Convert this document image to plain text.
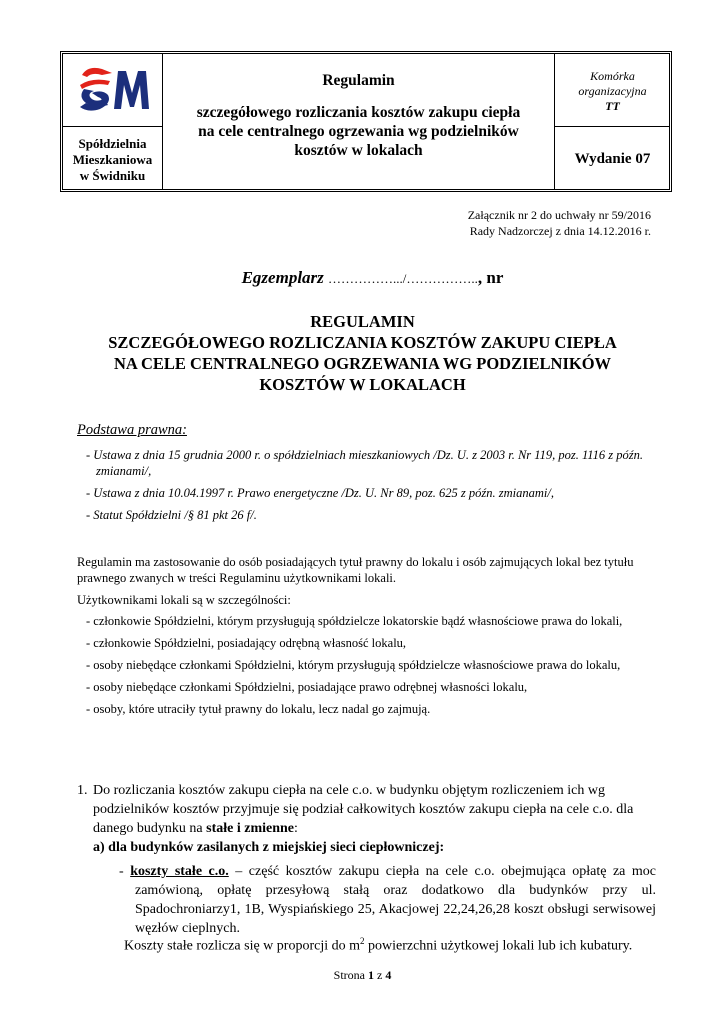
Spółdzielnia
Mieszkaniowa
w Świdniku
Regulamin
szczegółowego rozliczania kosztów zakupu ciepła
na cele centralnego ogrzewania wg podzielników
kosztów w lokalach
Komórka
organizacyjna
TT
Wydanie 07
Załącznik nr 2 do uchwały nr 59/2016
Rady Nadzorczej z dnia 14.12.2016 r.
Egzemplarz …………….../…………….., nr
REGULAMIN
SZCZEGÓŁOWEGO ROZLICZANIA KOSZTÓW ZAKUPU CIEPŁA
NA CELE CENTRALNEGO OGRZEWANIA WG PODZIELNIKÓW
KOSZTÓW W LOKALACH
Podstawa prawna:
- Ustawa z dnia 15 grudnia 2000 r. o spółdzielniach mieszkaniowych /Dz. U. z 2003 r. Nr 119, poz. 1116 z późn. zmianami/,
- Ustawa z dnia 10.04.1997 r. Prawo energetyczne /Dz. U. Nr 89, poz. 625 z późn. zmianami/,
- Statut Spółdzielni /§ 81 pkt 26 f/.
Regulamin ma zastosowanie do osób posiadających tytuł prawny do lokalu i osób zajmujących lokal bez tytułu prawnego zwanych w treści Regulaminu użytkownikami lokali.
Użytkownikami lokali są w szczególności:
- członkowie Spółdzielni, którym przysługują spółdzielcze lokatorskie bądź własnościowe prawa do lokali,
- członkowie Spółdzielni, posiadający odrębną własność lokalu,
- osoby niebędące członkami Spółdzielni, którym przysługują spółdzielcze własnościowe prawa do lokalu,
- osoby niebędące członkami Spółdzielni, posiadające prawo odrębnej własności lokalu,
- osoby, które utraciły tytuł prawny do lokalu, lecz nadal go zajmują.
1. Do rozliczania kosztów zakupu ciepła na cele c.o. w budynku objętym rozliczeniem ich wg podzielników kosztów przyjmuje się podział całkowitych kosztów zakupu ciepła na cele c.o. dla danego budynku na stałe i zmienne:
a) dla budynków zasilanych z miejskiej sieci ciepłowniczej:
- koszty stałe c.o. – część kosztów zakupu ciepła na cele c.o. obejmująca opłatę za moc zamówioną, opłatę przesyłową stałą oraz dodatkowo dla budynków przy ul. Spadochroniarzy1, 1B, Wyspiańskiego 25, Akacjowej 22,24,26,28 koszt obsługi serwisowej węzłów cieplnych.
Koszty stałe rozlicza się w proporcji do $m^2$ powierzchni użytkowej lokali lub ich kubatury.
Strona 1 z 4
